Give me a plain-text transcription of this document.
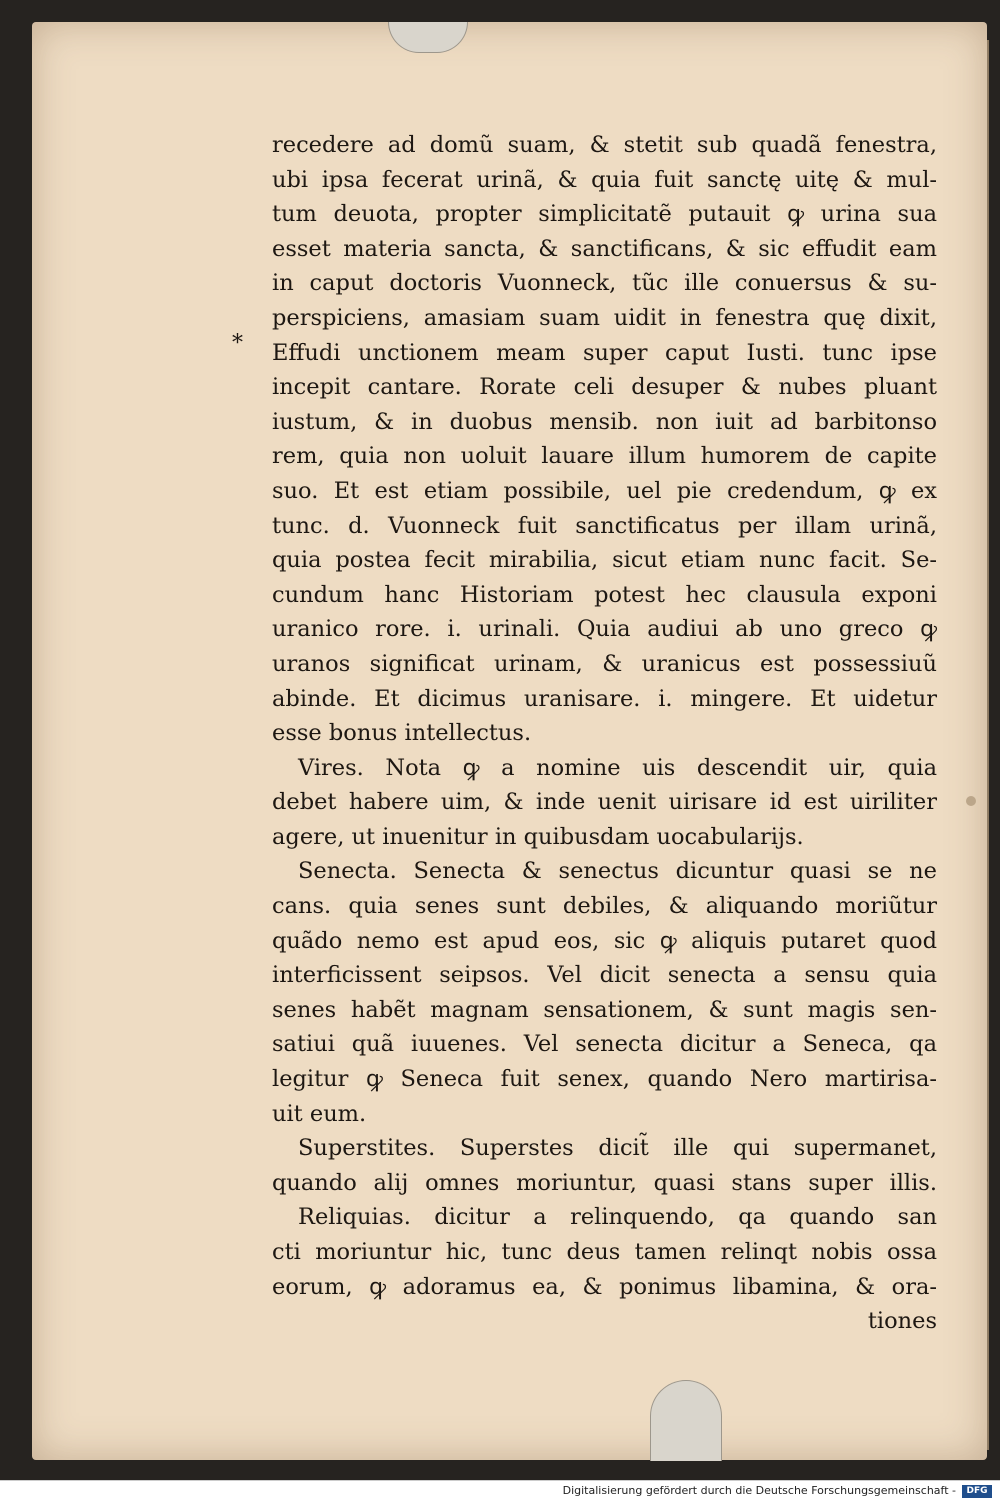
*
recedere ad domũ suam, & stetit sub quadã fenestra,
ubi ipsa fecerat urinã, & quia fuit sanctę uitę & mul-
tum deuota, propter simplicitatẽ putauit ꝙ urina sua
esset materia sancta, & sanctificans, & sic effudit eam
in caput doctoris Vuonneck, tũc ille conuersus & su-
perspiciens, amasiam suam uidit in fenestra quę dixit,
Effudi unctionem meam super caput Iusti. tunc ipse
incepit cantare. Rorate celi desuper & nubes pluant
iustum, & in duobus mensib. non iuit ad barbitonso
rem, quia non uoluit lauare illum humorem de capite
suo. Et est etiam possibile, uel pie credendum, ꝙ ex
tunc. d. Vuonneck fuit sanctificatus per illam urinã,
quia postea fecit mirabilia, sicut etiam nunc facit. Se-
cundum hanc Historiam potest hec clausula exponi
uranico rore. i. urinali. Quia audiui ab uno greco ꝙ
uranos significat urinam, & uranicus est possessiuũ
abinde. Et dicimus uranisare. i. mingere. Et uidetur
esse bonus intellectus.
Vires. Nota ꝙ a nomine uis descendit uir, quia
debet habere uim, & inde uenit uirisare id est uiriliter
agere, ut inuenitur in quibusdam uocabularijs.
Senecta. Senecta & senectus dicuntur quasi se ne
cans. quia senes sunt debiles, & aliquando moriũtur
quãdo nemo est apud eos, sic ꝙ aliquis putaret quod
interficissent seipsos. Vel dicit senecta a sensu quia
senes habẽt magnam sensationem, & sunt magis sen-
satiui quã iuuenes. Vel senecta dicitur a Seneca, qa
legitur ꝙ Seneca fuit senex, quando Nero martirisa-
uit eum.
Superstites. Superstes dicit̃ ille qui supermanet,
quando alij omnes moriuntur, quasi stans super illis.
Reliquias. dicitur a relinquendo, qa quando san
cti moriuntur hic, tunc deus tamen relinqt nobis ossa
eorum, ꝙ adoramus ea, & ponimus libamina, & ora-
tiones
Digitalisierung gefördert durch die Deutsche Forschungsgemeinschaft -	DFG
